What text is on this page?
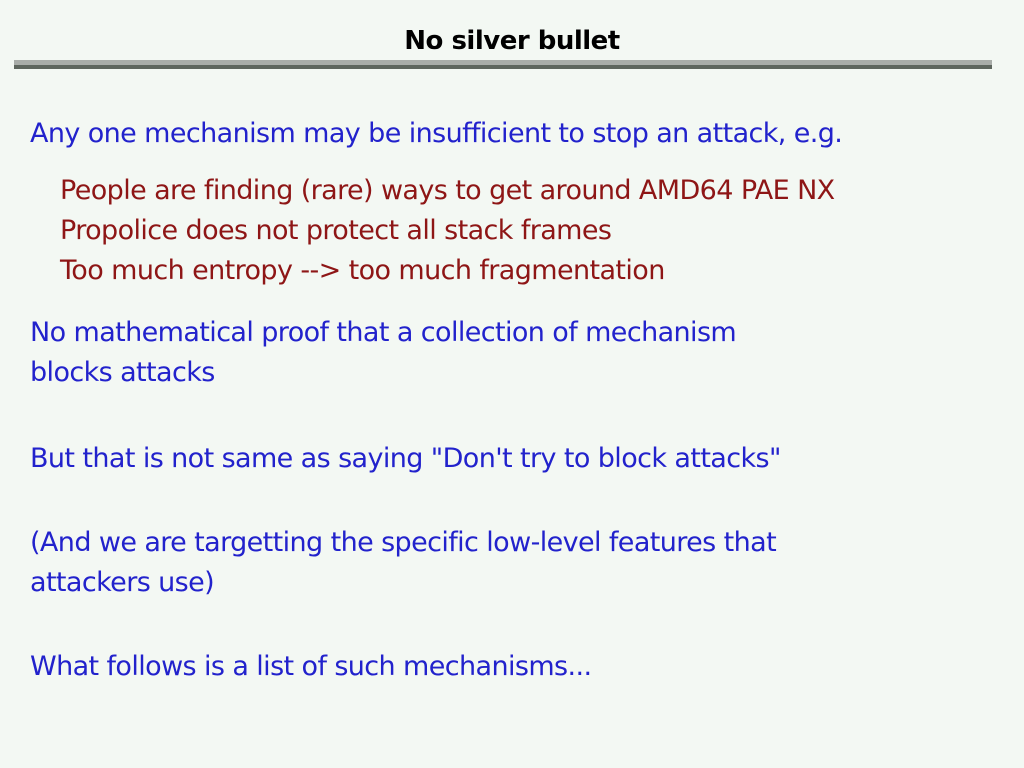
No silver bullet
Any one mechanism may be insufficient to stop an attack, e.g.
People are finding (rare) ways to get around AMD64 PAE NX
Propolice does not protect all stack frames
Too much entropy --> too much fragmentation
No mathematical proof that a collection of mechanism
blocks attacks
But that is not same as saying "Don't try to block attacks"
(And we are targetting the specific low-level features that
attackers use)
What follows is a list of such mechanisms...
